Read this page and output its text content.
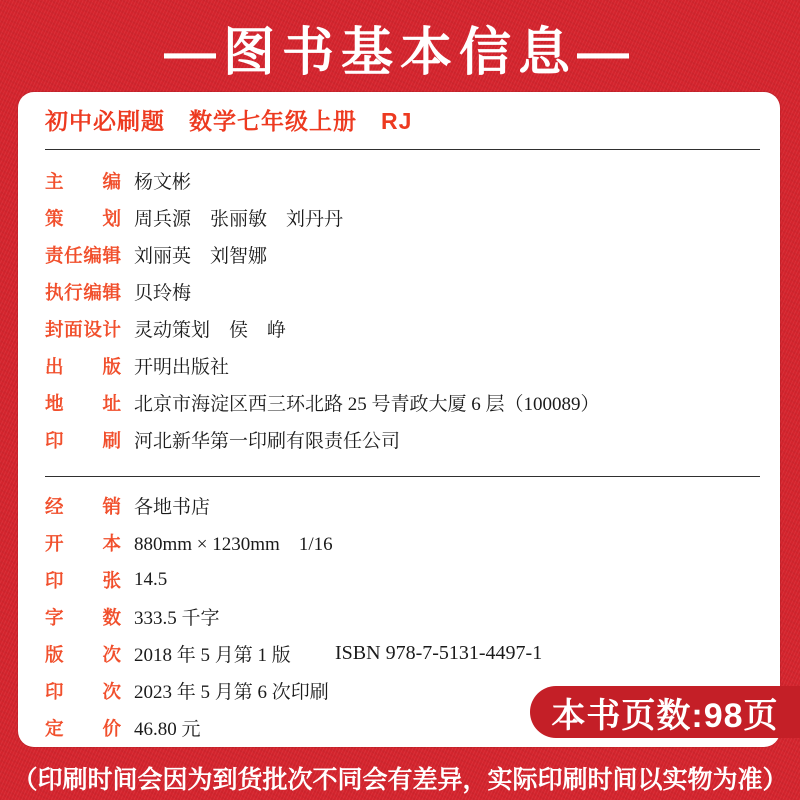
—图书基本信息—
初中必刷题　数学七年级上册　RJ
主编 杨文彬
策划 周兵源　张丽敏　刘丹丹
责任编辑 刘丽英　刘智娜
执行编辑 贝玲梅
封面设计 灵动策划　侯　峥
出版 开明出版社
地址 北京市海淀区西三环北路 25 号青政大厦 6 层（100089）
印刷 河北新华第一印刷有限责任公司
经销 各地书店
开本 880mm × 1230mm　1/16
印张 14.5
字数 333.5 千字
版次 2018 年 5 月第 1 版 ISBN 978-7-5131-4497-1
印次 2023 年 5 月第 6 次印刷
定价 46.80 元	本书页数:98页
（印刷时间会因为到货批次不同会有差异，实际印刷时间以实物为准）
